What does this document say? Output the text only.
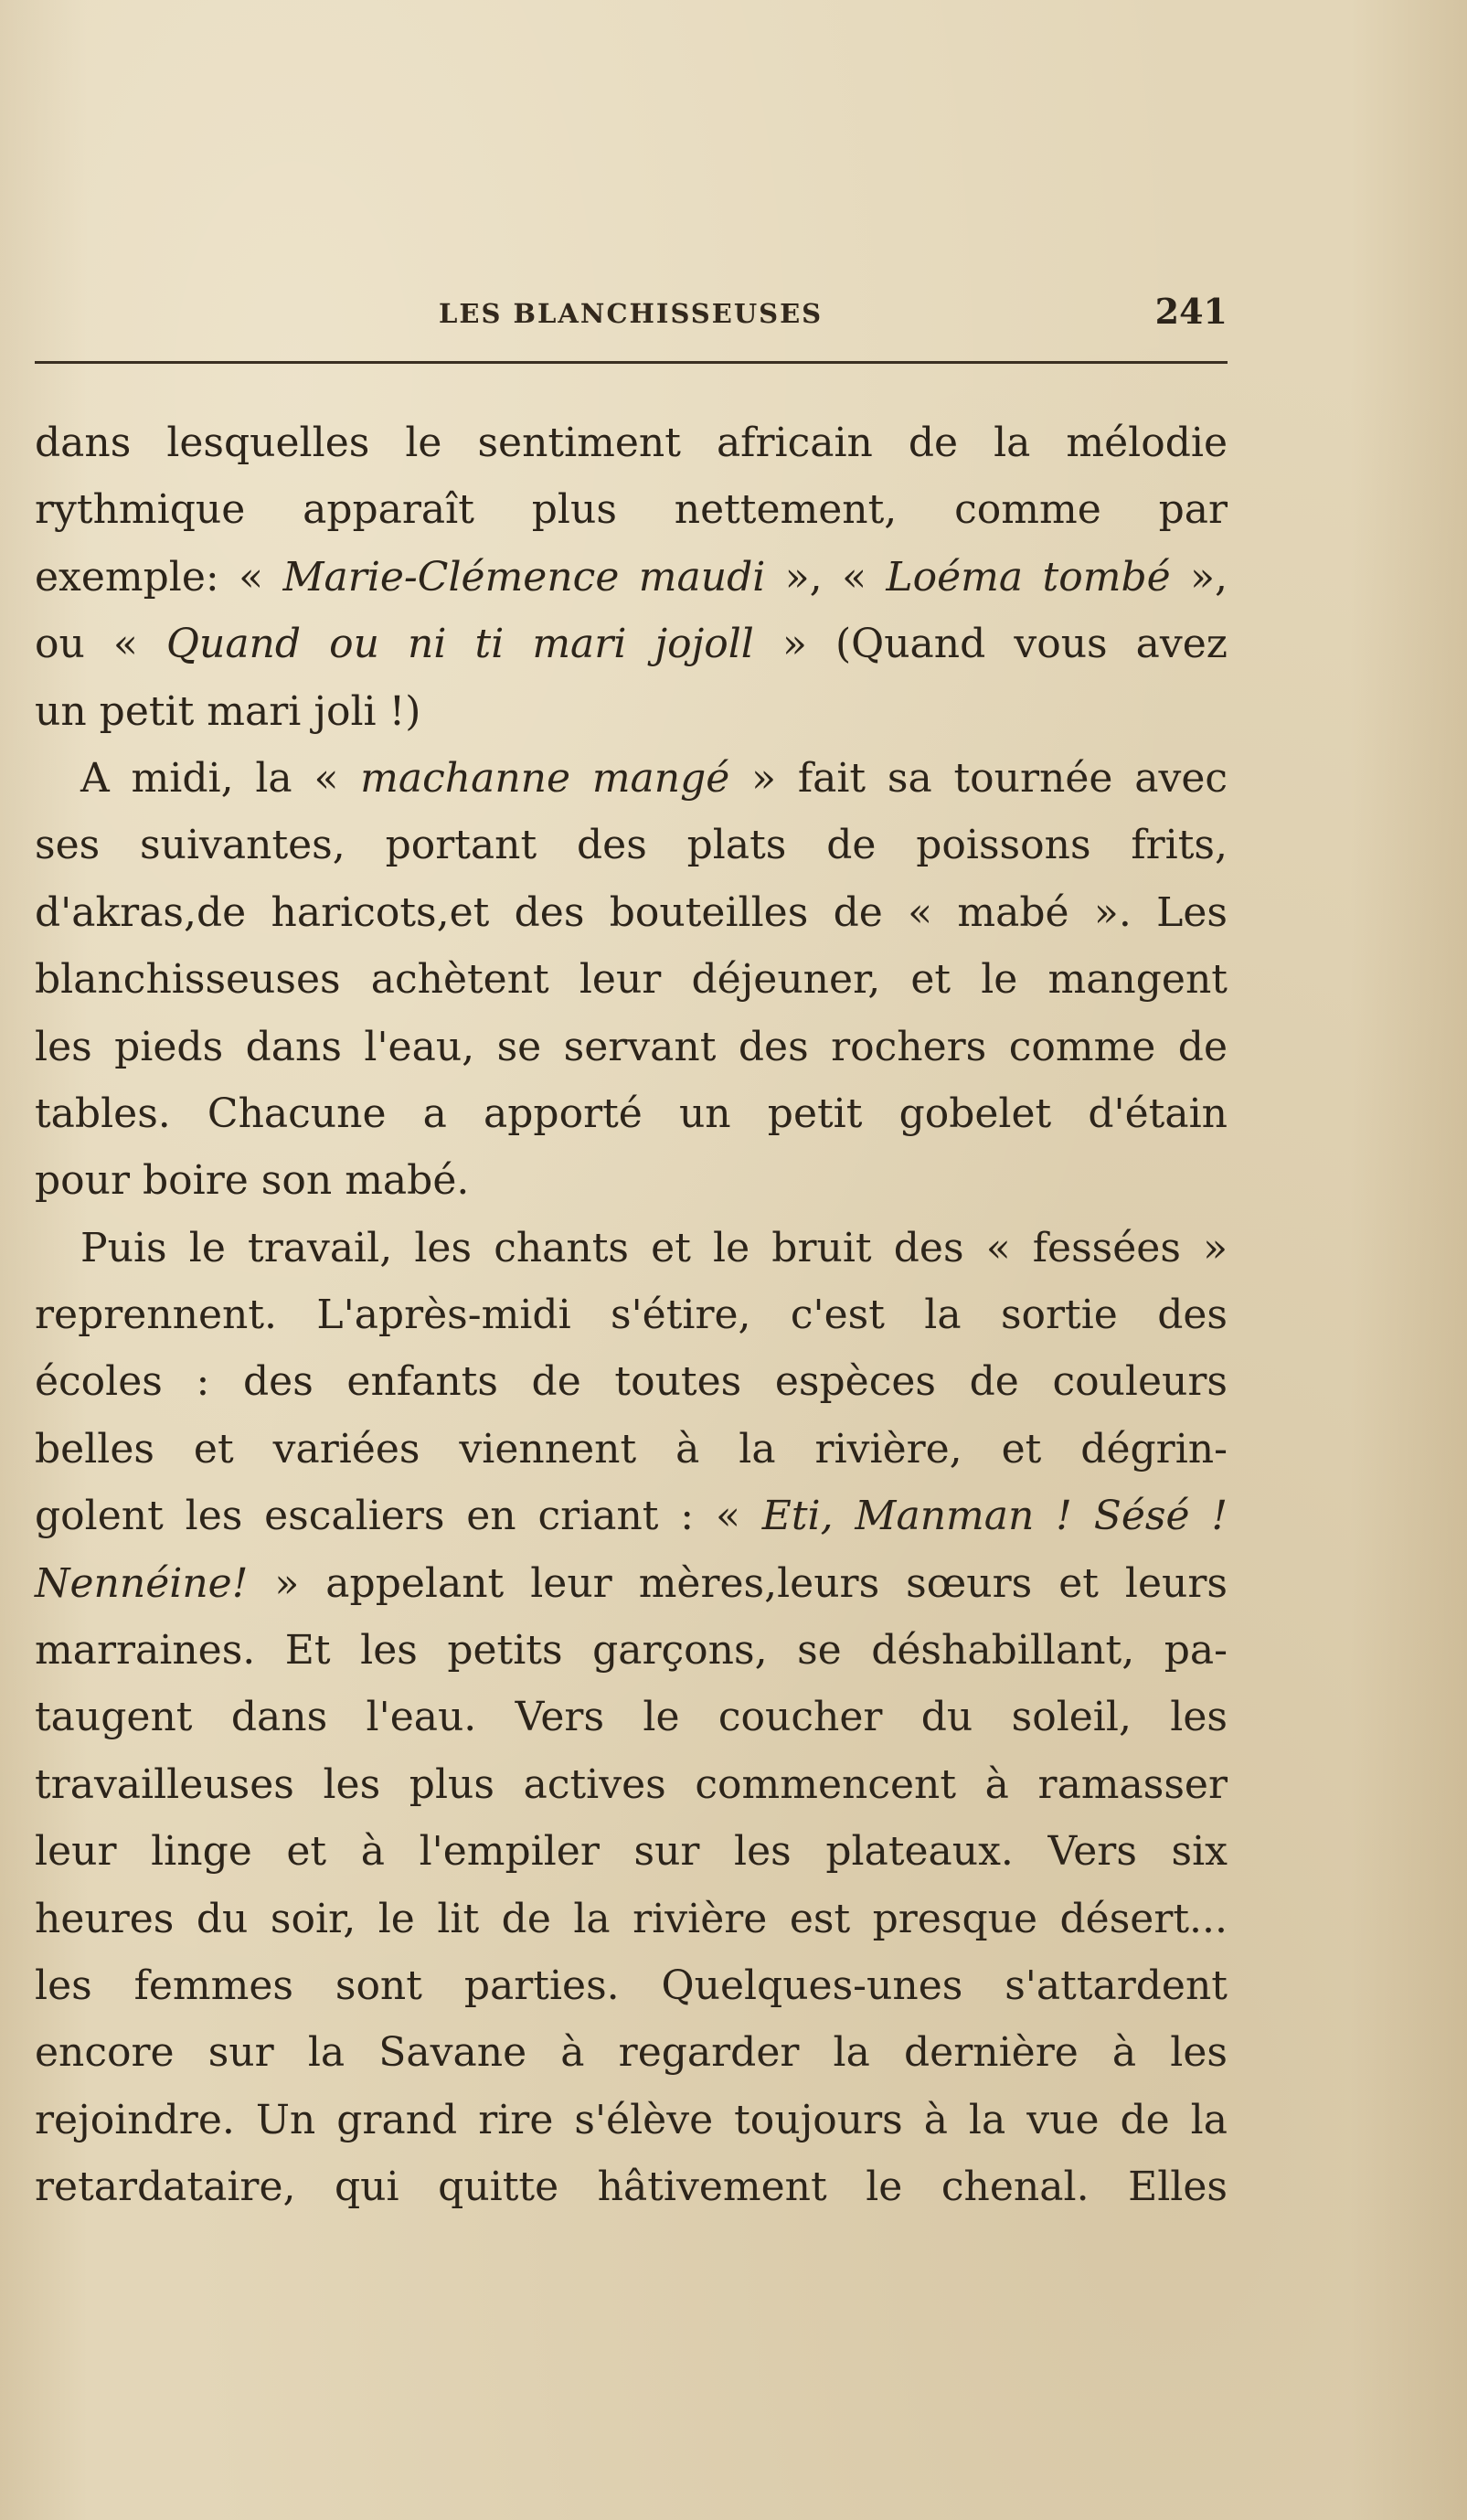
LES BLANCHISSEUSES	241
dans lesquelles le sentiment africain de la mélodie
rythmique apparaît plus nettement, comme par
exemple: « Marie-Clémence maudi », « Loéma tombé »,
ou « Quand ou ni ti mari jojoll » (Quand vous avez
un petit mari joli !)
A midi, la « machanne mangé » fait sa tournée avec
ses suivantes, portant des plats de poissons frits,
d'akras,de haricots,et des bouteilles de « mabé ». Les
blanchisseuses achètent leur déjeuner, et le mangent
les pieds dans l'eau, se servant des rochers comme de
tables. Chacune a apporté un petit gobelet d'étain
pour boire son mabé.
Puis le travail, les chants et le bruit des « fessées »
reprennent. L'après-midi s'étire, c'est la sortie des
écoles : des enfants de toutes espèces de couleurs
belles et variées viennent à la rivière, et dégrin-
golent les escaliers en criant : « Eti, Manman ! Sésé !
Nennéine! » appelant leur mères,leurs sœurs et leurs
marraines. Et les petits garçons, se déshabillant, pa-
taugent dans l'eau. Vers le coucher du soleil, les
travailleuses les plus actives commencent à ramasser
leur linge et à l'empiler sur les plateaux. Vers six
heures du soir, le lit de la rivière est presque désert...
les femmes sont parties. Quelques-unes s'attardent
encore sur la Savane à regarder la dernière à les
rejoindre. Un grand rire s'élève toujours à la vue de la
retardataire, qui quitte hâtivement le chenal. Elles
